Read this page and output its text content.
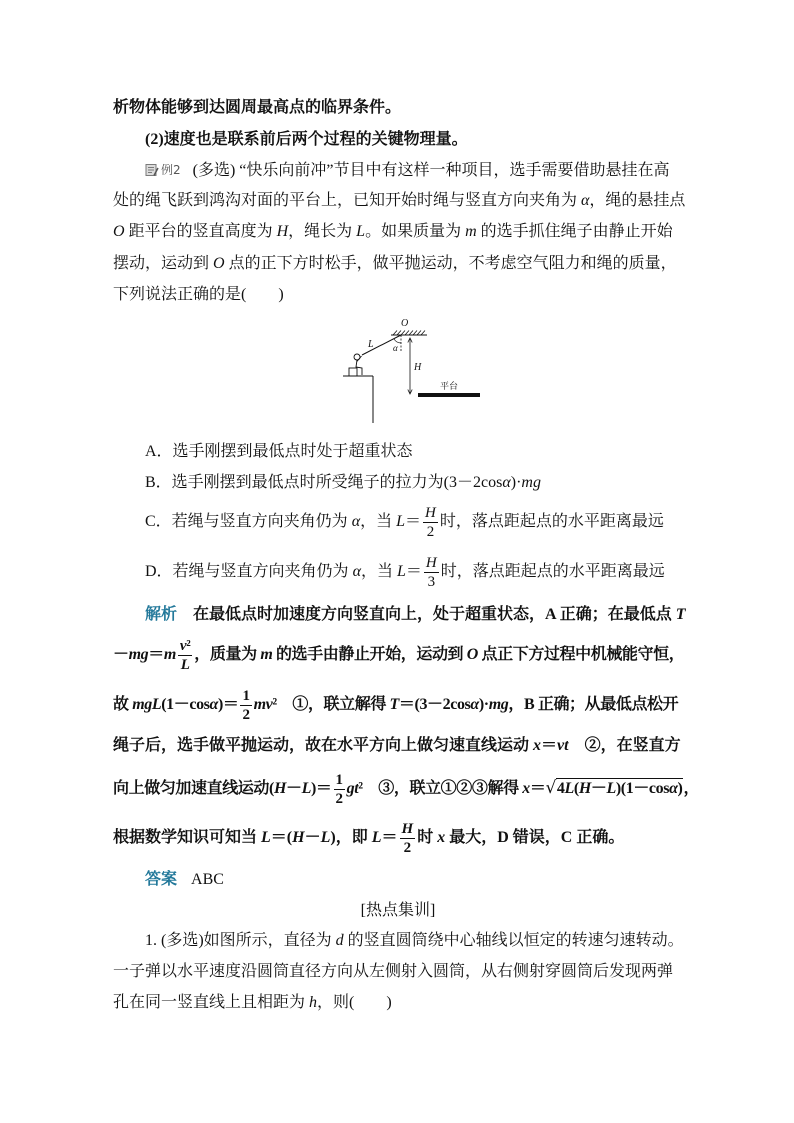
析物体能够到达圆周最高点的临界条件。
(2)速度也是联系前后两个过程的关键物理量。
例2 (多选) “快乐向前冲”节目中有这样一种项目，选手需要借助悬挂在高
处的绳飞跃到鸿沟对面的平台上，已知开始时绳与竖直方向夹角为 α，绳的悬挂点
O 距平台的竖直高度为 H，绳长为 L。如果质量为 m 的选手抓住绳子由静止开始
摆动，运动到 O 点的正下方时松手，做平抛运动，不考虑空气阻力和绳的质量，
下列说法正确的是(　　)
O
L α
H
平台
A．选手刚摆到最低点时处于超重状态
B．选手刚摆到最低点时所受绳子的拉力为(3－2cosα)·mg
C．若绳与竖直方向夹角仍为 α，当 $L= \frac{H}{2}$ 时，落点距起点的水平距离最远
D．若绳与竖直方向夹角仍为 α，当 $L= \frac{H}{3}$ 时，落点距起点的水平距离最远
解析　在最低点时加速度方向竖直向上，处于超重状态，A 正确；在最低点 T
$-mg=m \frac{\text{v²}}{L}$ ，质量为 m 的选手由静止开始，运动到 O 点正下方过程中机械能守恒，
故 $mgL(1-\cos\alpha)= \frac{1}{2} mv^2$　①，联立解得 T＝(3－2cosα)·mg，B 正确；从最低点松开
绳子后，选手做平抛运动，故在水平方向上做匀速直线运动 x＝vt　②，在竖直方
向上做匀加速直线运动$(H-L)= \frac{1}{2} gt^2$　③，联立①②③解得 x＝√4L(H－L)(1－cosα)，
根据数学知识可知当 L＝(H－L)，即 $L= \frac{H}{2}$ 时 x 最大，D 错误，C 正确。
答案 ABC
[热点集训]
1. (多选)如图所示，直径为 d 的竖直圆筒绕中心轴线以恒定的转速匀速转动。
一子弹以水平速度沿圆筒直径方向从左侧射入圆筒，从右侧射穿圆筒后发现两弹
孔在同一竖直线上且相距为 h，则(　　)
